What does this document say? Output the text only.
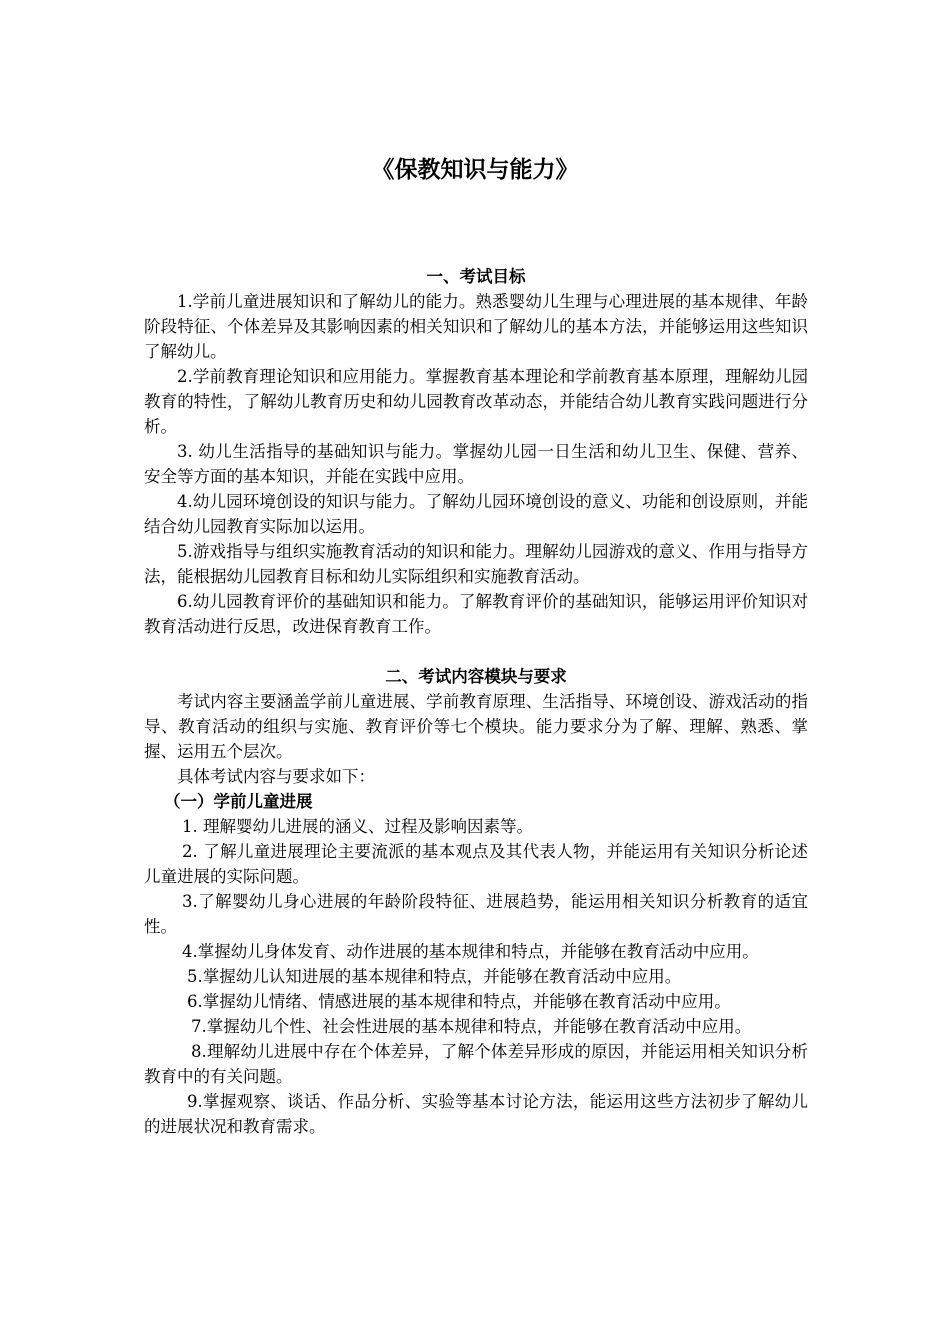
《保教知识与能力》

一、考试目标

1.学前儿童进展知识和了解幼儿的能力。熟悉婴幼儿生理与心理进展的基本规律、年龄阶段特征、个体差异及其影响因素的相关知识和了解幼儿的基本方法，并能够运用这些知识了解幼儿。

2.学前教育理论知识和应用能力。掌握教育基本理论和学前教育基本原理，理解幼儿园教育的特性，了解幼儿教育历史和幼儿园教育改革动态，并能结合幼儿教育实践问题进行分析。

3. 幼儿生活指导的基础知识与能力。掌握幼儿园一日生活和幼儿卫生、保健、营养、安全等方面的基本知识，并能在实践中应用。

4.幼儿园环境创设的知识与能力。了解幼儿园环境创设的意义、功能和创设原则，并能结合幼儿园教育实际加以运用。

5.游戏指导与组织实施教育活动的知识和能力。理解幼儿园游戏的意义、作用与指导方法，能根据幼儿园教育目标和幼儿实际组织和实施教育活动。

6.幼儿园教育评价的基础知识和能力。了解教育评价的基础知识，能够运用评价知识对教育活动进行反思，改进保育教育工作。

二、考试内容模块与要求

考试内容主要涵盖学前儿童进展、学前教育原理、生活指导、环境创设、游戏活动的指导、教育活动的组织与实施、教育评价等七个模块。能力要求分为了解、理解、熟悉、掌握、运用五个层次。

具体考试内容与要求如下：

（一）学前儿童进展

1. 理解婴幼儿进展的涵义、过程及影响因素等。

2. 了解儿童进展理论主要流派的基本观点及其代表人物，并能运用有关知识分析论述儿童进展的实际问题。

3.了解婴幼儿身心进展的年龄阶段特征、进展趋势，能运用相关知识分析教育的适宜性。

4.掌握幼儿身体发育、动作进展的基本规律和特点，并能够在教育活动中应用。

5.掌握幼儿认知进展的基本规律和特点，并能够在教育活动中应用。

6.掌握幼儿情绪、情感进展的基本规律和特点，并能够在教育活动中应用。

7.掌握幼儿个性、社会性进展的基本规律和特点，并能够在教育活动中应用。

8.理解幼儿进展中存在个体差异，了解个体差异形成的原因，并能运用相关知识分析教育中的有关问题。

9.掌握观察、谈话、作品分析、实验等基本讨论方法，能运用这些方法初步了解幼儿的进展状况和教育需求。
